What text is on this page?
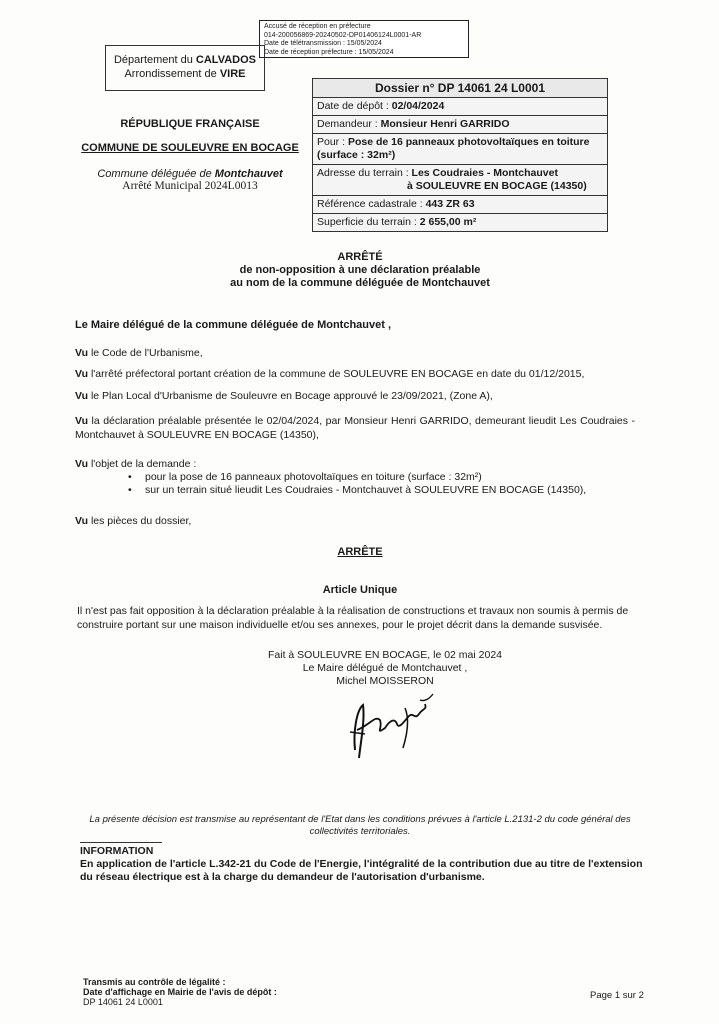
Accusé de réception en préfecture
014-200056869-20240502-DP01406124L0001-AR
Date de télétransmission : 15/05/2024
Date de réception préfecture : 15/05/2024
Département du CALVADOS
Arrondissement de VIRE
Dossier n° DP 14061 24 L0001
Date de dépôt : 02/04/2024
Demandeur : Monsieur Henri GARRIDO
Pour : Pose de 16 panneaux photovoltaïques en toiture (surface : 32m²)
Adresse du terrain : Les Coudraies - Montchauvet
à SOULEUVRE EN BOCAGE (14350)
Référence cadastrale : 443 ZR 63
Superficie du terrain : 2 655,00 m²
RÉPUBLIQUE FRANÇAISE
COMMUNE DE SOULEUVRE EN BOCAGE
Commune déléguée de Montchauvet
Arrêté Municipal 2024L0013
ARRÊTÉ
de non-opposition à une déclaration préalable
au nom de la commune déléguée de Montchauvet
Le Maire délégué de la commune déléguée de Montchauvet ,
Vu le Code de l'Urbanisme,
Vu l'arrêté préfectoral portant création de la commune de SOULEUVRE EN BOCAGE en date du 01/12/2015,
Vu le Plan Local d'Urbanisme de Souleuvre en Bocage approuvé le 23/09/2021, (Zone A),
Vu la déclaration préalable présentée le 02/04/2024, par Monsieur Henri GARRIDO, demeurant lieudit Les Coudraies - Montchauvet à SOULEUVRE EN BOCAGE (14350),
Vu l'objet de la demande :
• pour la pose de 16 panneaux photovoltaïques en toiture (surface : 32m²)
• sur un terrain situé lieudit Les Coudraies - Montchauvet à SOULEUVRE EN BOCAGE (14350),
Vu les pièces du dossier,
ARRÊTE
Article Unique
Il n'est pas fait opposition à la déclaration préalable à la réalisation de constructions et travaux non soumis à permis de construire portant sur une maison individuelle et/ou ses annexes, pour le projet décrit dans la demande susvisée.
Fait à SOULEUVRE EN BOCAGE, le 02 mai 2024
Le Maire délégué de Montchauvet ,
Michel MOISSERON
La présente décision est transmise au représentant de l'Etat dans les conditions prévues à l'article L.2131-2 du code général des collectivités territoriales.
INFORMATION
En application de l'article L.342-21 du Code de l'Energie, l'intégralité de la contribution due au titre de l'extension du réseau électrique est à la charge du demandeur de l'autorisation d'urbanisme.
Transmis au contrôle de légalité :
Date d'affichage en Mairie de l'avis de dépôt :
DP 14061 24 L0001
Page 1 sur 2
